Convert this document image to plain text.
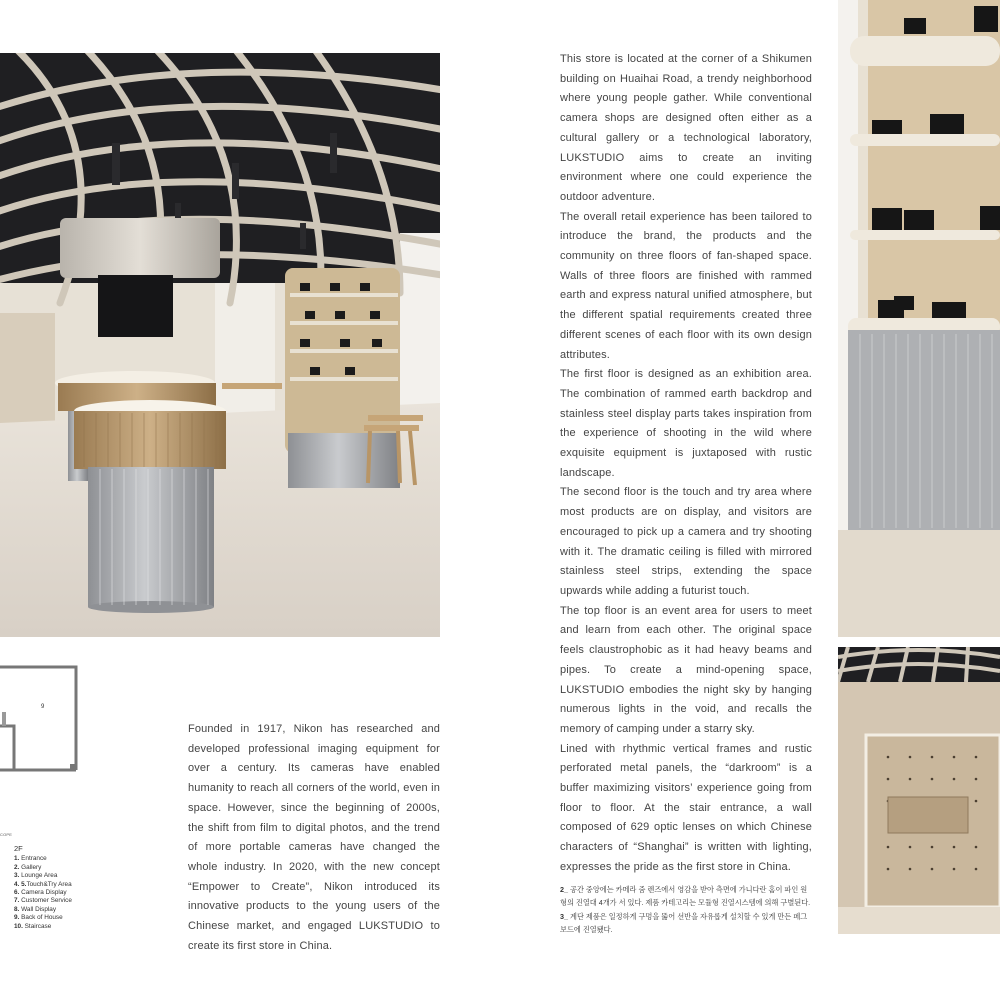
This store is located at the corner of a Shikumen building on Huaihai Road, a trendy neighborhood where young people gather. While conventional camera shops are designed often either as a cultural gallery or a technological laboratory, LUKSTUDIO aims to create an inviting environment where one could experience the outdoor adventure.

The overall retail experience has been tailored to introduce the brand, the products and the community on three floors of fan-shaped space. Walls of three floors are finished with rammed earth and express natural unified atmosphere, but the different spatial requirements created three different scenes of each floor with its own design attributes.

The first floor is designed as an exhibition area. The combination of rammed earth backdrop and stainless steel display parts takes inspiration from the experience of shooting in the wild where exquisite equipment is juxtaposed with rustic landscape.

The second floor is the touch and try area where most products are on display, and visitors are encouraged to pick up a camera and try shooting with it. The dramatic ceiling is filled with mirrored stainless steel strips, extending the space upwards while adding a futurist touch.

The top floor is an event area for users to meet and learn from each other. The original space feels claustrophobic as it had heavy beams and pipes. To create a mind-opening space, LUKSTUDIO embodies the night sky by hanging numerous lights in the void, and recalls the memory of camping under a starry sky.

Lined with rhythmic vertical frames and rustic perforated metal panels, the “darkroom” is a buffer maximizing visitors’ experience going from floor to floor. At the stair entrance, a wall composed of 629 optic lenses on which Chinese characters of “Shanghai” is written with lighting, expresses the pride as the first store in China.

Founded in 1917, Nikon has researched and developed professional imaging equipment for over a century. Its cameras have enabled humanity to reach all corners of the world, even in space. However, since the beginning of 2000s, the shift from film to digital photos, and the trend of more portable cameras have changed the whole industry. In 2020, with the new concept “Empower to Create”, Nikon introduced its innovative products to the young users of the Chinese market, and engaged LUKSTUDIO to create its first store in China.

2_ 공간 중앙에는 카메라 줌 렌즈에서 영감을 받아 측면에 가니다란 홈이 파인 원형의 진열대 4개가 서 있다. 제품 카테고리는 모듈형 진열시스템에 의해 구별된다. 3_ 계단 제품은 일정하게 구멍을 뚫어 선반을 자유롭게 설치할 수 있게 만든 페그보드에 진열됐다.
9
COPE
2F
1. Entrance
2. Gallery
3. Lounge Area
4. 5.Touch&Try Area
6. Camera Display
7. Customer Service
8. Wall Display
9. Back of House
10. Staircase
